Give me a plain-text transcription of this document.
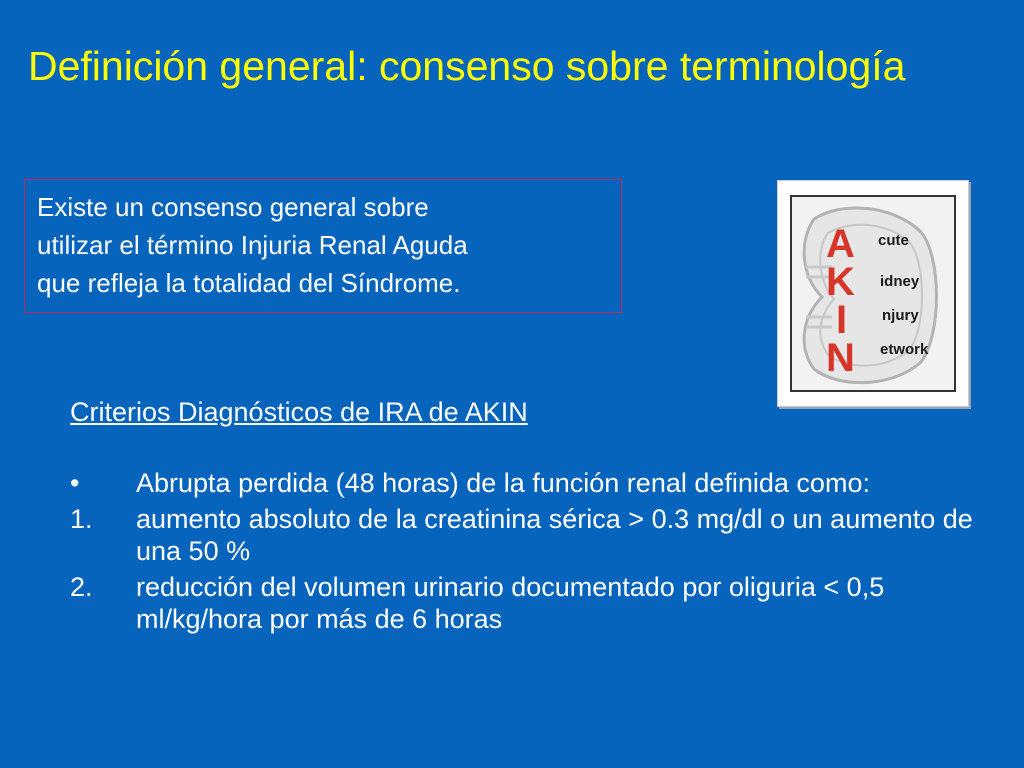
Definición general: consenso sobre terminología

Existe un consenso general sobre

utilizar el término Injuria Renal Aguda

que refleja la totalidad del Síndrome.

A
K
I
N
cute
idney
njury
etwork

Criterios Diagnósticos de IRA de AKIN

• Abrupta perdida (48 horas) de la función renal definida como:
1. aumento absoluto de la creatinina sérica > 0.3 mg/dl o un aumento de una 50 %
2. reducción del volumen urinario documentado por oliguria < 0,5 ml/kg/hora por más de 6 horas
